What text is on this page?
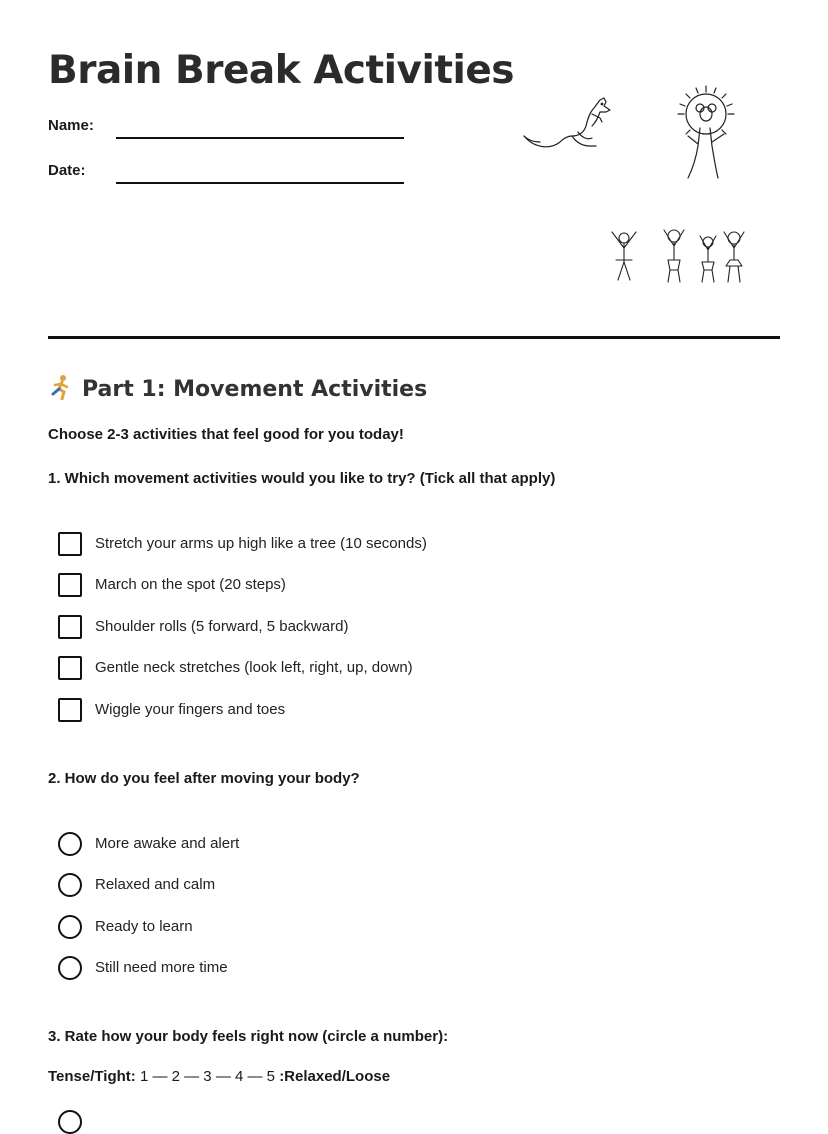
Brain Break Activities
Name:
Date:
Part 1: Movement Activities
Choose 2-3 activities that feel good for you today!
1. Which movement activities would you like to try? (Tick all that apply)
Stretch your arms up high like a tree (10 seconds)
March on the spot (20 steps)
Shoulder rolls (5 forward, 5 backward)
Gentle neck stretches (look left, right, up, down)
Wiggle your fingers and toes
2. How do you feel after moving your body?
More awake and alert
Relaxed and calm
Ready to learn
Still need more time
3. Rate how your body feels right now (circle a number):
Tense/Tight: 1 — 2 — 3 — 4 — 5 :Relaxed/Loose
